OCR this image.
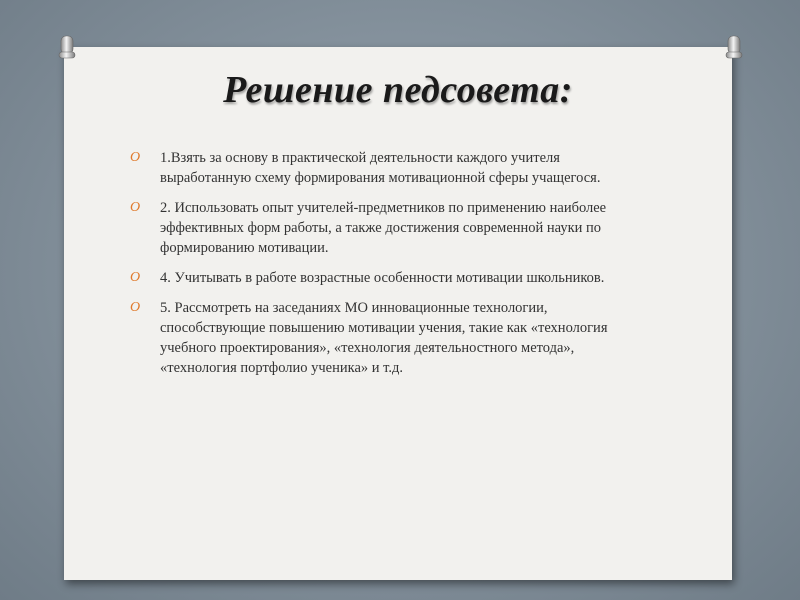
Решение педсовета:
O 1.Взять за основу в практической деятельности каждого учителя выработанную схему формирования мотивационной сферы учащегося.
O 2. Использовать опыт учителей-предметников по применению наиболее эффективных форм работы, а также достижения современной науки по формированию мотивации.
O 4. Учитывать в работе возрастные особенности мотивации школьников.
O 5. Рассмотреть на заседаниях МО инновационные технологии, способствующие повышению мотивации учения, такие как «технология учебного проектирования», «технология деятельностного метода», «технология портфолио ученика» и т.д.
